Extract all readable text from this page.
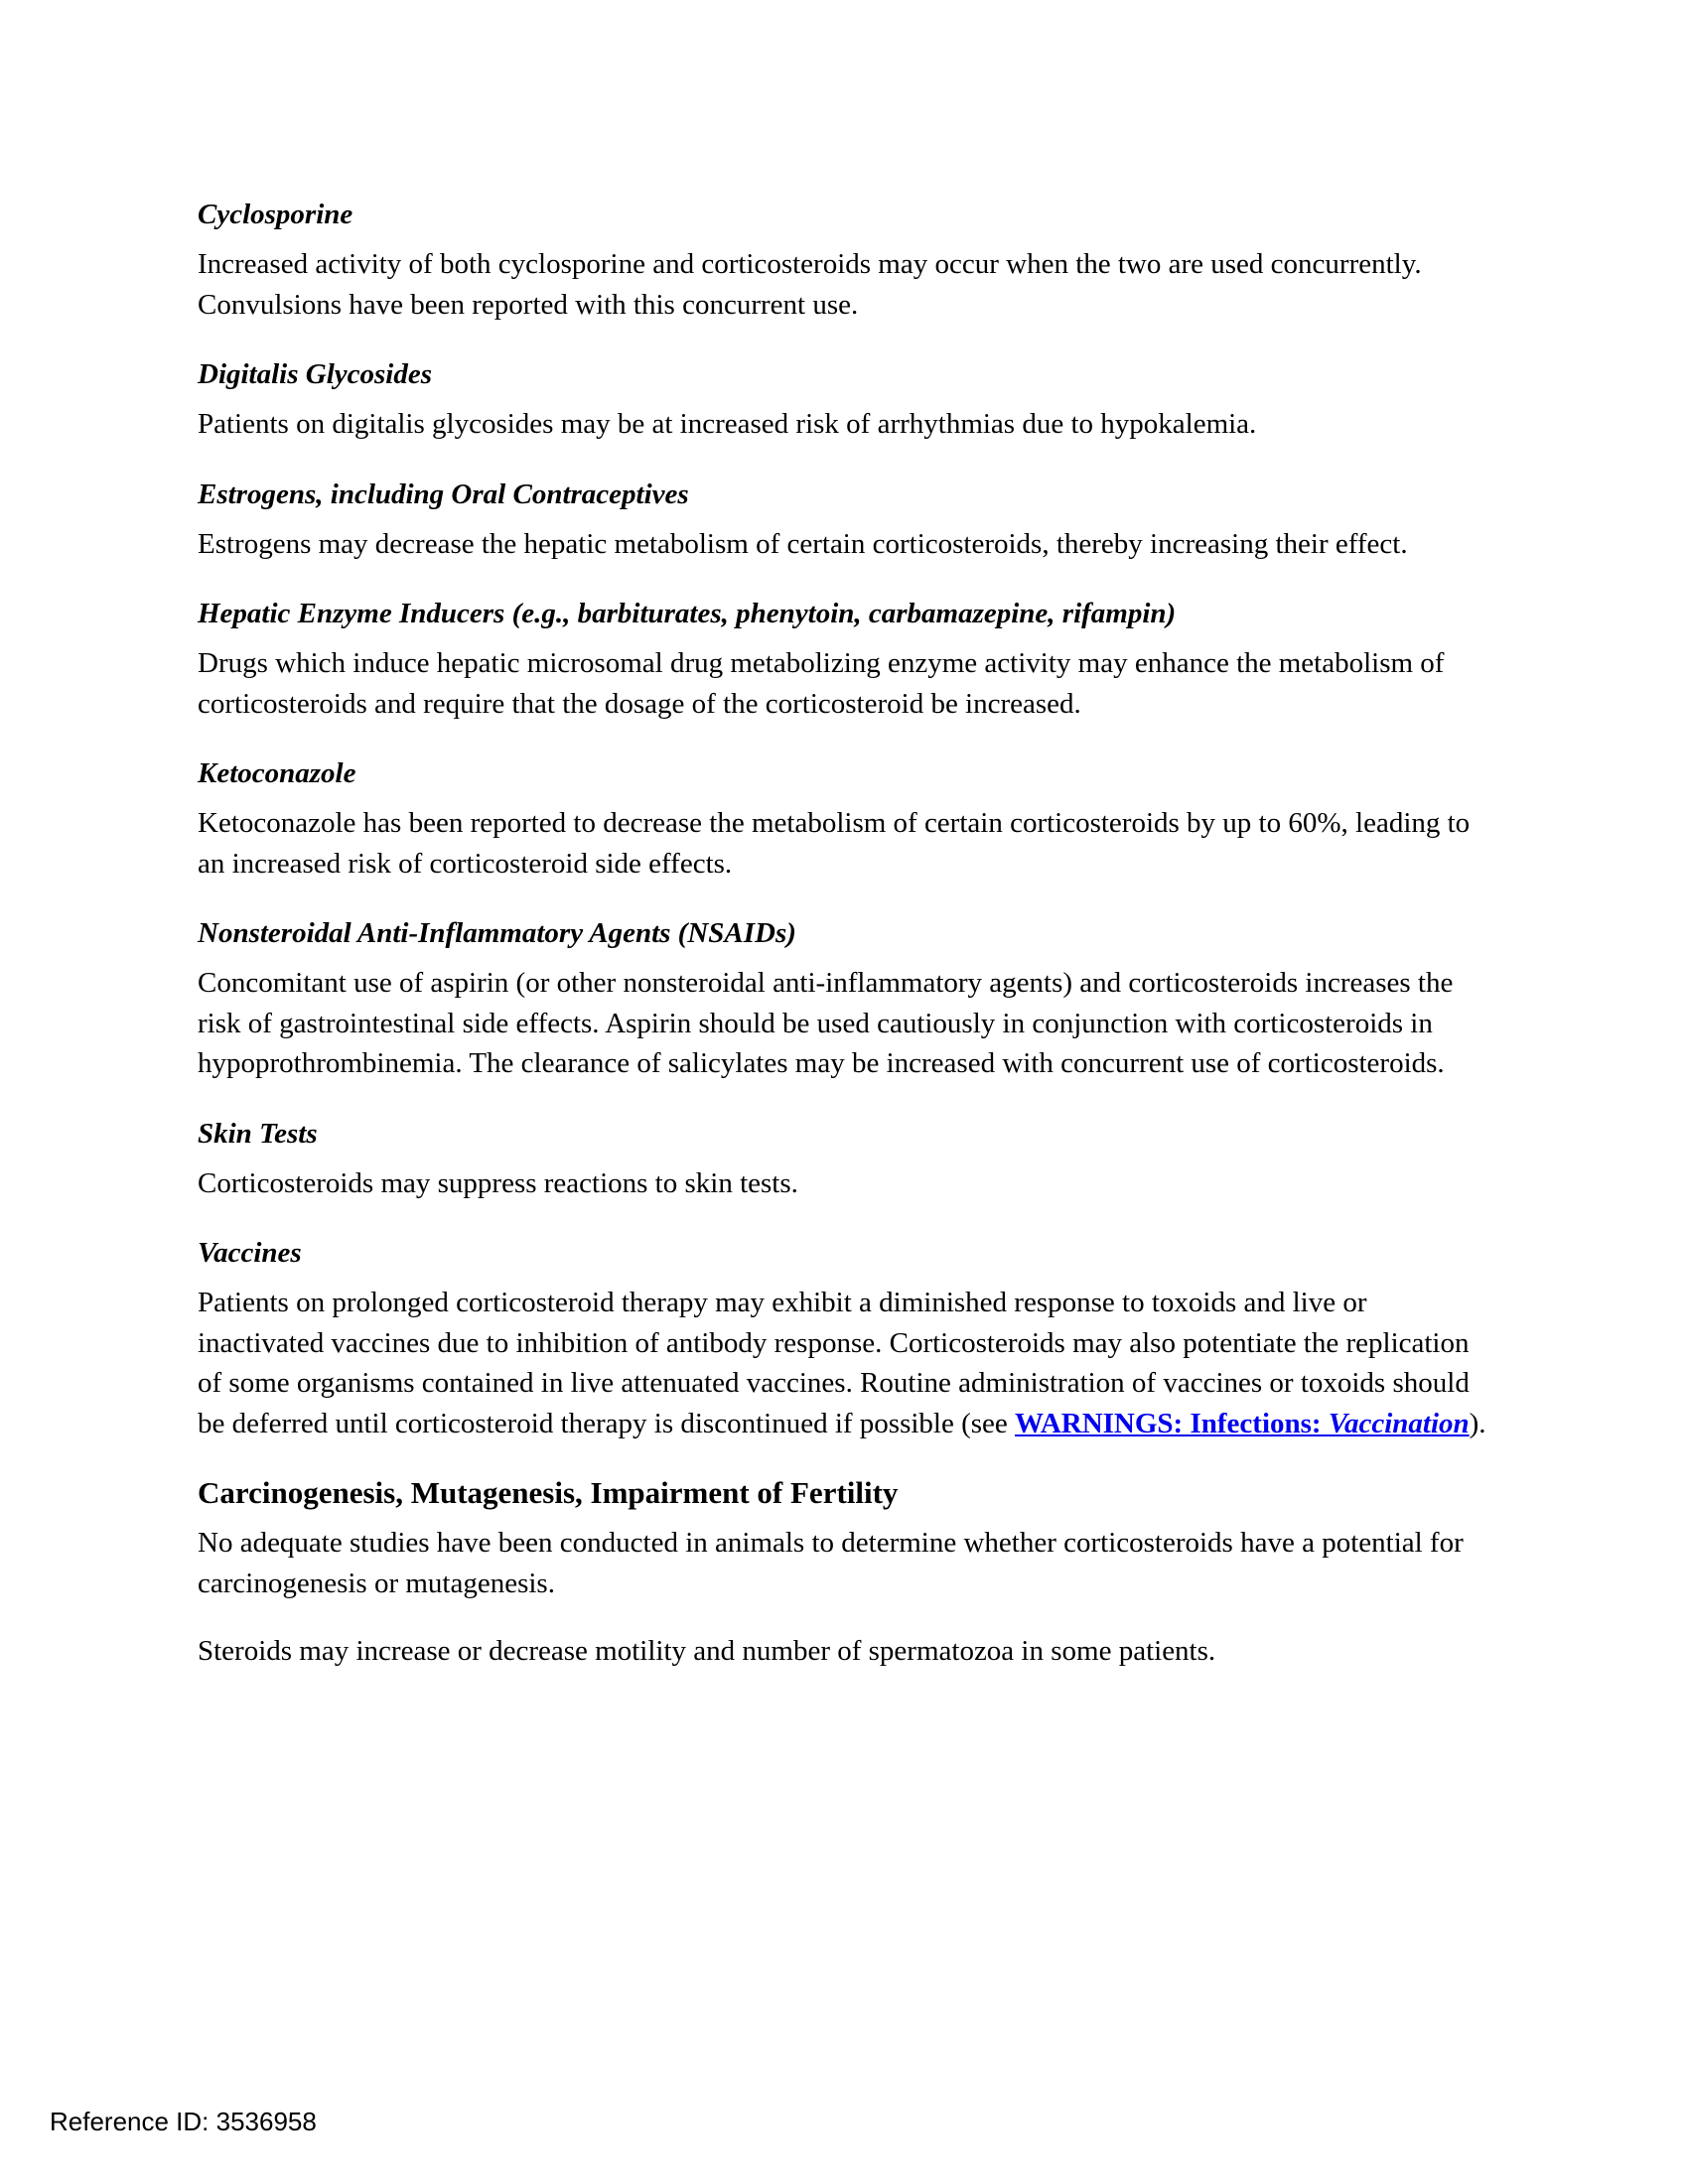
Cyclosporine

Increased activity of both cyclosporine and corticosteroids may occur when the two are used concurrently. Convulsions have been reported with this concurrent use.

Digitalis Glycosides

Patients on digitalis glycosides may be at increased risk of arrhythmias due to hypokalemia.

Estrogens, including Oral Contraceptives

Estrogens may decrease the hepatic metabolism of certain corticosteroids, thereby increasing their effect.

Hepatic Enzyme Inducers (e.g., barbiturates, phenytoin, carbamazepine, rifampin)

Drugs which induce hepatic microsomal drug metabolizing enzyme activity may enhance the metabolism of corticosteroids and require that the dosage of the corticosteroid be increased.

Ketoconazole

Ketoconazole has been reported to decrease the metabolism of certain corticosteroids by up to 60%, leading to an increased risk of corticosteroid side effects.

Nonsteroidal Anti-Inflammatory Agents (NSAIDs)

Concomitant use of aspirin (or other nonsteroidal anti-inflammatory agents) and corticosteroids increases the risk of gastrointestinal side effects. Aspirin should be used cautiously in conjunction with corticosteroids in hypoprothrombinemia. The clearance of salicylates may be increased with concurrent use of corticosteroids.

Skin Tests

Corticosteroids may suppress reactions to skin tests.

Vaccines

Patients on prolonged corticosteroid therapy may exhibit a diminished response to toxoids and live or inactivated vaccines due to inhibition of antibody response. Corticosteroids may also potentiate the replication of some organisms contained in live attenuated vaccines. Routine administration of vaccines or toxoids should be deferred until corticosteroid therapy is discontinued if possible (see WARNINGS: Infections: Vaccination).

Carcinogenesis, Mutagenesis, Impairment of Fertility

No adequate studies have been conducted in animals to determine whether corticosteroids have a potential for carcinogenesis or mutagenesis.

Steroids may increase or decrease motility and number of spermatozoa in some patients.

Reference ID: 3536958
